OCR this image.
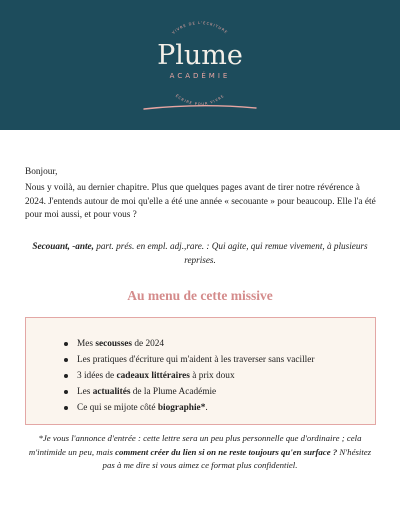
VIVRE DE L'ÉCRITURE
ÉCRIRE POUR VIVRE
Plume
ACADÉMIE

Bonjour,

Nous y voilà, au dernier chapitre. Plus que quelques pages avant de tirer notre révérence à 2024. J'entends autour de moi qu'elle a été une année « secouante » pour beaucoup. Elle l'a été pour moi aussi, et pour vous ?

Secouant, -ante, part. prés. en empl. adj.,rare. : Qui agite, qui remue vivement, à plusieurs reprises.

Au menu de cette missive
Mes secousses de 2024
Les pratiques d'écriture qui m'aident à les traverser sans vaciller
3 idées de cadeaux littéraires à prix doux
Les actualités de la Plume Académie
Ce qui se mijote côté biographie*.

*Je vous l'annonce d'entrée : cette lettre sera un peu plus personnelle que d'ordinaire ; cela m'intimide un peu, mais comment créer du lien si on ne reste toujours qu'en surface ? N'hésitez pas à me dire si vous aimez ce format plus confidentiel.
